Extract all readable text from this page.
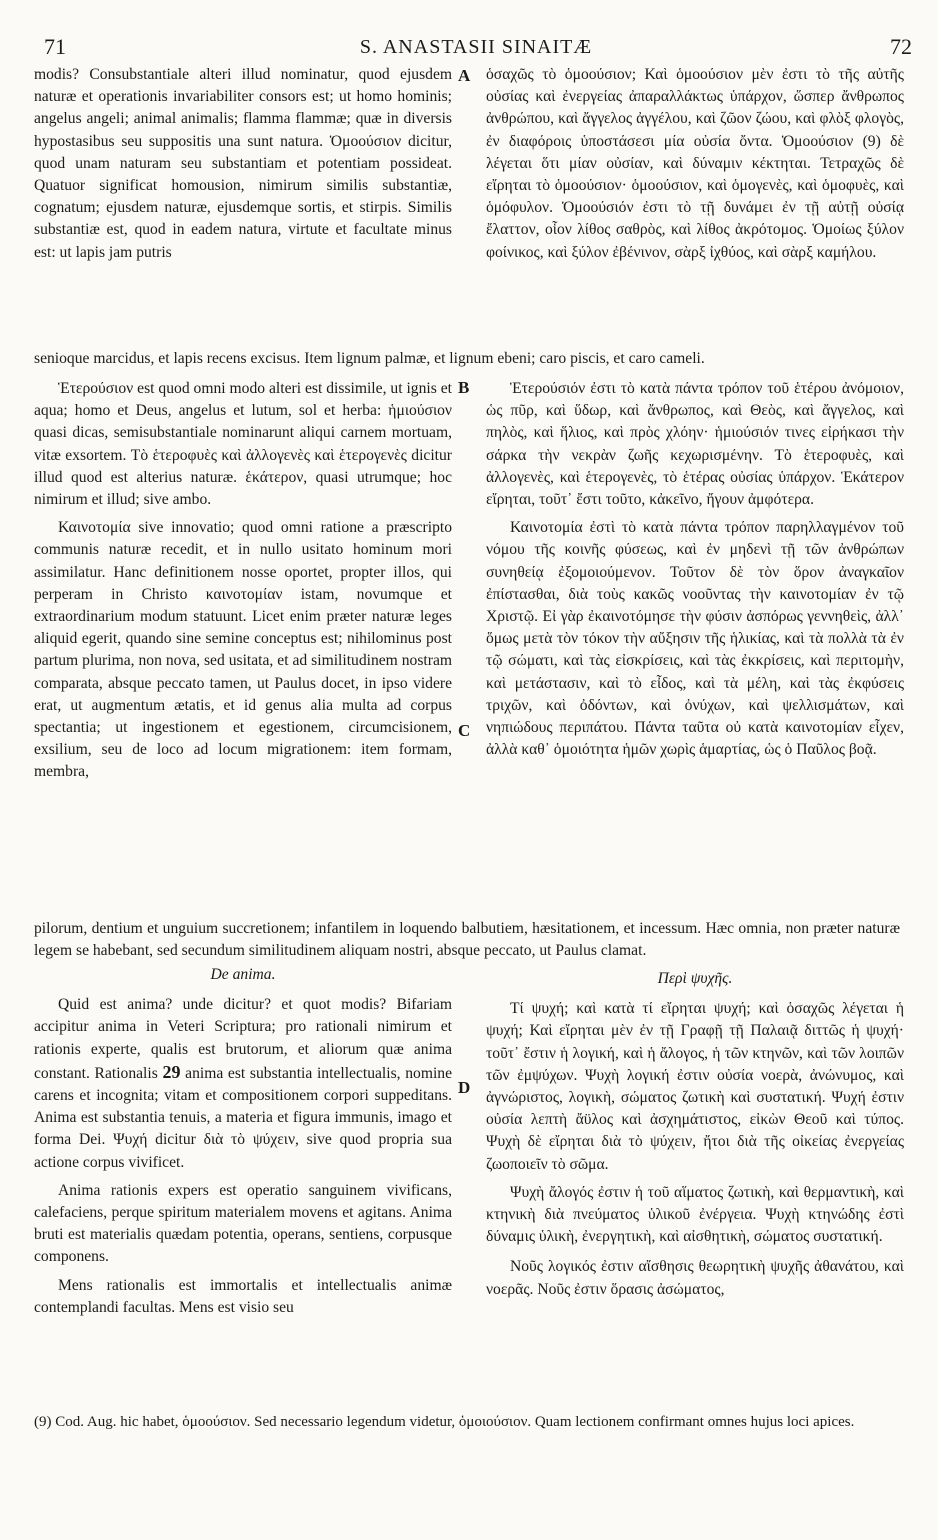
71	S. ANASTASII SINAITÆ	72

modis? Consubstantiale alteri illud nominatur, quod ejusdem naturæ et operationis invariabiliter consors est; ut homo hominis; angelus angeli; animal animalis; flamma flammæ; quæ in diversis hypostasibus seu suppositis una sunt natura. Ὁμοούσιον dicitur, quod unam naturam seu substantiam et potentiam possideat. Quatuor significat homousion, nimirum similis substantiæ, cognatum; ejusdem naturæ, ejusdemque sortis, et stirpis. Similis substantiæ est, quod in eadem natura, virtute et facultate minus est: ut lapis jam putris

A ὁσαχῶς τὸ ὁμοούσιον; Καὶ ὁμοούσιον μὲν ἐστι τὸ τῆς αὐτῆς οὐσίας καὶ ἐνεργείας ἀπαραλλάκτως ὑπάρχον, ὥσπερ ἄνθρωπος ἀνθρώπου, καὶ ἄγγελος ἀγγέλου, καὶ ζῶον ζώου, καὶ φλὸξ φλογὸς, ἐν διαφόροις ὑποστάσεσι μία οὐσία ὄντα. Ὁμοούσιον (9) δὲ λέγεται ὅτι μίαν οὐσίαν, καὶ δύναμιν κέκτηται. Τετραχῶς δὲ εἴρηται τὸ ὁμοούσιον· ὁμοούσιον, καὶ ὁμογενὲς, καὶ ὁμοφυὲς, καὶ ὁμόφυλον. Ὁμοούσιόν ἐστι τὸ τῇ δυνάμει ἐν τῇ αὐτῇ οὐσίᾳ ἔλαττον, οἷον λίθος σαθρὸς, καὶ λίθος ἀκρότομος. Ὁμοίως ξύλον φοίνικος, καὶ ξύλον ἐβένινον, σὰρξ ἰχθύος, καὶ σὰρξ καμήλου.

senioque marcidus, et lapis recens excisus. Item lignum palmæ, et lignum ebeni; caro piscis, et caro cameli.

Ἑτερούσιον est quod omni modo alteri est dissimile, ut ignis et aqua; homo et Deus, angelus et lutum, sol et herba: ἡμιούσιον quasi dicas, semisubstantiale nominarunt aliqui carnem mortuam, vitæ exsortem. Τὸ ἑτεροφυὲς καὶ ἀλλογενὲς καὶ ἑτερογενὲς dicitur illud quod est alterius naturæ. ἑκάτερον, quasi utrumque; hoc nimirum et illud; sive ambo.

Καινοτομία sive innovatio; quod omni ratione a præscripto communis naturæ recedit, et in nullo usitato hominum mori assimilatur. Hanc definitionem nosse oportet, propter illos, qui perperam in Christo καινοτομίαν istam, novumque et extraordinarium modum statuunt. Licet enim præter naturæ leges aliquid egerit, quando sine semine conceptus est; nihilominus post partum plurima, non nova, sed usitata, et ad similitudinem nostram comparata, absque peccato tamen, ut Paulus docet, in ipso videre erat, ut augmentum ætatis, et id genus alia multa ad corpus spectantia; ut ingestionem et egestionem, circumcisionem, exsilium, seu de loco ad locum migrationem: item formam, membra,

B
C

Ἑτερούσιόν ἐστι τὸ κατὰ πάντα τρόπον τοῦ ἑτέρου ἀνόμοιον, ὡς πῦρ, καὶ ὕδωρ, καὶ ἄνθρωπος, καὶ Θεὸς, καὶ ἄγγελος, καὶ πηλὸς, καὶ ἥλιος, καὶ πρὸς χλόην· ἡμιούσιόν τινες εἰρήκασι τὴν σάρκα τὴν νεκρὰν ζωῆς κεχωρισμένην. Τὸ ἑτεροφυὲς, καὶ ἀλλογενὲς, καὶ ἑτερογενὲς, τὸ ἑτέρας οὐσίας ὑπάρχον. Ἑκάτερον εἴρηται, τοῦτ᾽ ἔστι τοῦτο, κἀκεῖνο, ἤγουν ἀμφότερα.

Καινοτομία ἐστὶ τὸ κατὰ πάντα τρόπον παρηλλαγμένον τοῦ νόμου τῆς κοινῆς φύσεως, καὶ ἐν μηδενὶ τῇ τῶν ἀνθρώπων συνηθείᾳ ἐξομοιούμενον. Τοῦτον δὲ τὸν ὅρον ἀναγκαῖον ἐπίστασθαι, διὰ τοὺς κακῶς νοοῦντας τὴν καινοτομίαν ἐν τῷ Χριστῷ. Εἰ γὰρ ἐκαινοτόμησε τὴν φύσιν ἀσπόρως γεννηθεὶς, ἀλλ᾽ ὅμως μετὰ τὸν τόκον τὴν αὔξησιν τῆς ἡλικίας, καὶ τὰ πολλὰ τὰ ἐν τῷ σώματι, καὶ τὰς εἰσκρίσεις, καὶ τὰς ἐκκρίσεις, καὶ περιτομὴν, καὶ μετάστασιν, καὶ τὸ εἶδος, καὶ τὰ μέλη, καὶ τὰς ἐκφύσεις τριχῶν, καὶ ὀδόντων, καὶ ὀνύχων, καὶ ψελλισμάτων, καὶ νηπιώδους περιπάτου. Πάντα ταῦτα οὐ κατὰ καινοτομίαν εἶχεν, ἀλλὰ καθ᾽ ὁμοιότητα ἡμῶν χωρὶς ἁμαρτίας, ὡς ὁ Παῦλος βοᾷ.

pilorum, dentium et unguium succretionem; infantilem in loquendo balbutiem, hæsitationem, et incessum. Hæc omnia, non præter naturæ legem se habebant, sed secundum similitudinem aliquam nostri, absque peccato, ut Paulus clamat.

De anima.

Quid est anima? unde dicitur? et quot modis? Bifariam accipitur anima in Veteri Scriptura; pro rationali nimirum et rationis experte, qualis est brutorum, et aliorum quæ anima constant. Rationalis 29 anima est substantia intellectualis, nomine carens et incognita; vitam et compositionem corpori suppeditans. Anima est substantia tenuis, a materia et figura immunis, imago et forma Dei. Ψυχή dicitur διὰ τὸ ψύχειν, sive quod propria sua actione corpus vivificet.

Anima rationis expers est operatio sanguinem vivificans, calefaciens, perque spiritum materialem movens et agitans. Anima bruti est materialis quædam potentia, operans, sentiens, corpusque componens.

Mens rationalis est immortalis et intellectualis animæ contemplandi facultas. Mens est visio seu

D

Περὶ ψυχῆς.

Τί ψυχή; καὶ κατὰ τί εἴρηται ψυχή; καὶ ὁσαχῶς λέγεται ἡ ψυχή; Καὶ εἴρηται μὲν ἐν τῇ Γραφῇ τῇ Παλαιᾷ διττῶς ἡ ψυχή· τοῦτ᾽ ἔστιν ἡ λογική, καὶ ἡ ἄλογος, ἡ τῶν κτηνῶν, καὶ τῶν λοιπῶν τῶν ἐμψύχων. Ψυχὴ λογική ἐστιν οὐσία νοερὰ, ἀνώνυμος, καὶ ἀγνώριστος, λογικὴ, σώματος ζωτικὴ καὶ συστατική. Ψυχή ἐστιν οὐσία λεπτὴ ἄϋλος καὶ ἀσχημάτιστος, εἰκὼν Θεοῦ καὶ τύπος. Ψυχὴ δὲ εἴρηται διὰ τὸ ψύχειν, ἤτοι διὰ τῆς οἰκείας ἐνεργείας ζωοποιεῖν τὸ σῶμα.

Ψυχὴ ἄλογός ἐστιν ἡ τοῦ αἵματος ζωτικὴ, καὶ θερμαντικὴ, καὶ κτηνικὴ διὰ πνεύματος ὑλικοῦ ἐνέργεια. Ψυχὴ κτηνώδης ἐστὶ δύναμις ὑλικὴ, ἐνεργητικὴ, καὶ αἰσθητικὴ, σώματος συστατική.

Νοῦς λογικός ἐστιν αἴσθησις θεωρητικὴ ψυχῆς ἀθανάτου, καὶ νοερᾶς. Νοῦς ἐστιν ὅρασις ἀσώματος,

(9) Cod. Aug. hic habet, ὁμοούσιον. Sed necessario legendum videtur, ὁμοιούσιον. Quam lectionem confirmant omnes hujus loci apices.
